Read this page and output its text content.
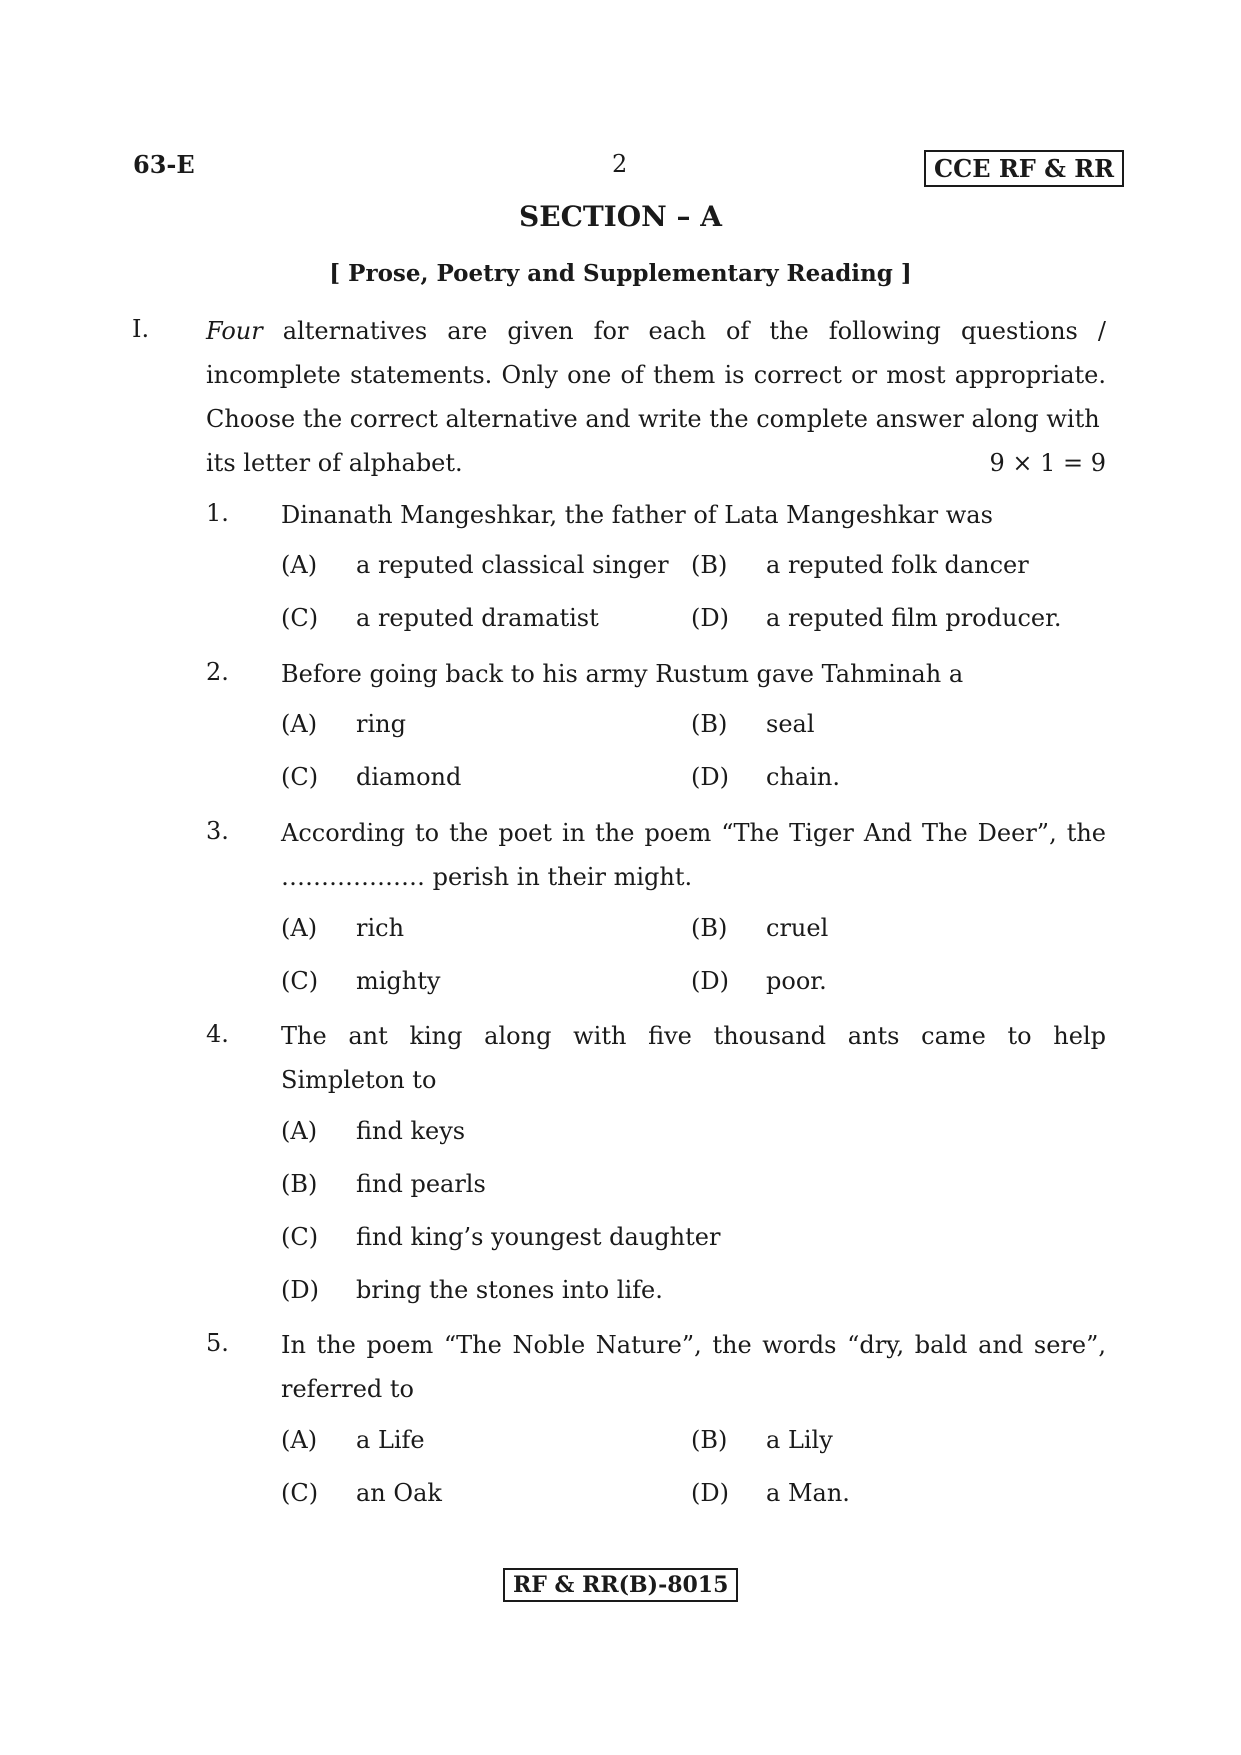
63-E	2	CCE RF & RR
SECTION – A
[ Prose, Poetry and Supplementary Reading ]
I. Four alternatives are given for each of the following questions / incomplete statements. Only one of them is correct or most appropriate. Choose the correct alternative and write the complete answer along with
its letter of alphabet.	9 × 1 = 9
1. Dinanath Mangeshkar, the father of Lata Mangeshkar was
(A) a reputed classical singer (B) a reputed folk dancer
(C) a reputed dramatist	(D) a reputed film producer.
2. Before going back to his army Rustum gave Tahminah a
(A) ring	(B) seal
(C) diamond	(D) chain.
3. According to the poet in the poem “The Tiger And The Deer”, the
……………… perish in their might.
(A) rich	(B) cruel
(C) mighty	(D) poor.
4. The ant king along with five thousand ants came to help
Simpleton to
(A) find keys
(B) find pearls
(C) find king’s youngest daughter
(D) bring the stones into life.
5. In the poem “The Noble Nature”, the words “dry, bald and sere”,
referred to
(A) a Life	(B) a Lily
(C) an Oak	(D) a Man.
RF & RR(B)-8015
